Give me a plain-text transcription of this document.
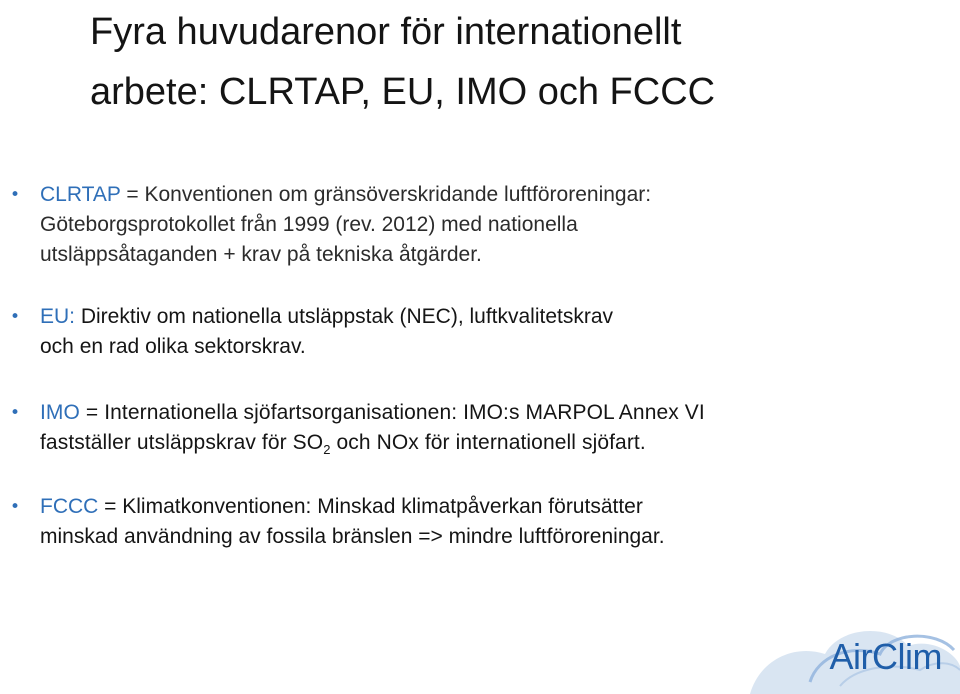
Fyra huvudarenor för internationellt
arbete: CLRTAP, EU, IMO och FCCC
• CLRTAP = Konventionen om gränsöverskridande luftföroreningar:
Göteborgsprotokollet från 1999 (rev. 2012) med nationella
utsläppsåtaganden + krav på tekniska åtgärder.
• EU: Direktiv om nationella utsläppstak (NEC), luftkvalitetskrav
och en rad olika sektorskrav.
• IMO = Internationella sjöfartsorganisationen: IMO:s MARPOL Annex VI
fastställer utsläppskrav för $SO_2$ och NOx för internationell sjöfart.
• FCCC = Klimatkonventionen: Minskad klimatpåverkan förutsätter
minskad användning av fossila bränslen => mindre luftföroreningar.
AirClim
